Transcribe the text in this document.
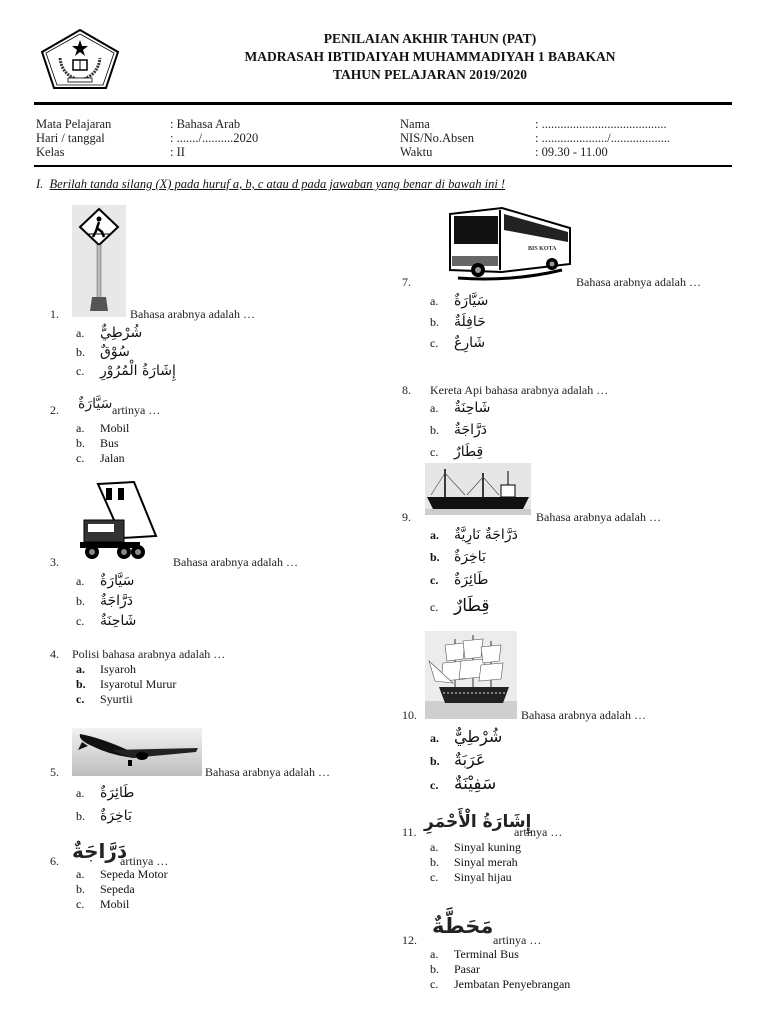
PENILAIAN AKHIR TAHUN (PAT)
MADRASAH IBTIDAIYAH MUHAMMADIYAH 1 BABAKAN
TAHUN PELAJARAN 2019/2020
Mata Pelajaran	: Bahasa Arab
Hari / tanggal	: ......./..........2020
Kelas	: II
Nama	: ........................................
NIS/No.Absen	: ...................../...................
Waktu	: 09.30 - 11.00
I. Berilah tanda silang (X) pada huruf a, b, c atau d pada jawaban yang benar di bawah ini !
1.	Bahasa arabnya adalah …
a. شُرْطِيٌّ
b. سُوْقٌ
c. إِشَارَةُ الْمُرُوْرِ
2. سَيَّارَةٌ artinya …
a. Mobil
b. Bus
c. Jalan
3.	Bahasa arabnya adalah …
a. سَيَّارَةٌ
b. دَرَّاجَةٌ
c. شَاحِنَةٌ
4. Polisi bahasa arabnya adalah …
a. Isyaroh
b. Isyarotul Murur
c. Syurtii
5.	Bahasa arabnya adalah …
a. طَائِرَةٌ
b. بَاخِرَةٌ
6. دَرَّاجَةٌ
artinya …
a. Sepeda Motor
b. Sepeda
c. Mobil
BIS KOTA
7.	Bahasa arabnya adalah …
a. سَيَّارَةٌ
b. حَافِلَةٌ
c. شَارِعٌ
8. Kereta Api bahasa arabnya adalah …
a. شَاحِنَةٌ
b. دَرَّاجَةٌ
c. قِطَارٌ
9.	Bahasa arabnya adalah …
a. دَرَّاجَةٌ نَارِيَّةٌ
b. بَاخِرَةٌ
c. طَائِرَةٌ
c. قِطَارٌ
10.	Bahasa arabnya adalah …
a. شُرْطِيٌّ
b. عَرَبَةٌ
c. سَفِيْنَةٌ
11. إِشَارَةُ الْأَحْمَرِ
artinya …
a. Sinyal kuning
b. Sinyal merah
c. Sinyal hijau
12.
مَحَطَّةٌ
artinya …
a. Terminal Bus
b. Pasar
c. Jembatan Penyebrangan
